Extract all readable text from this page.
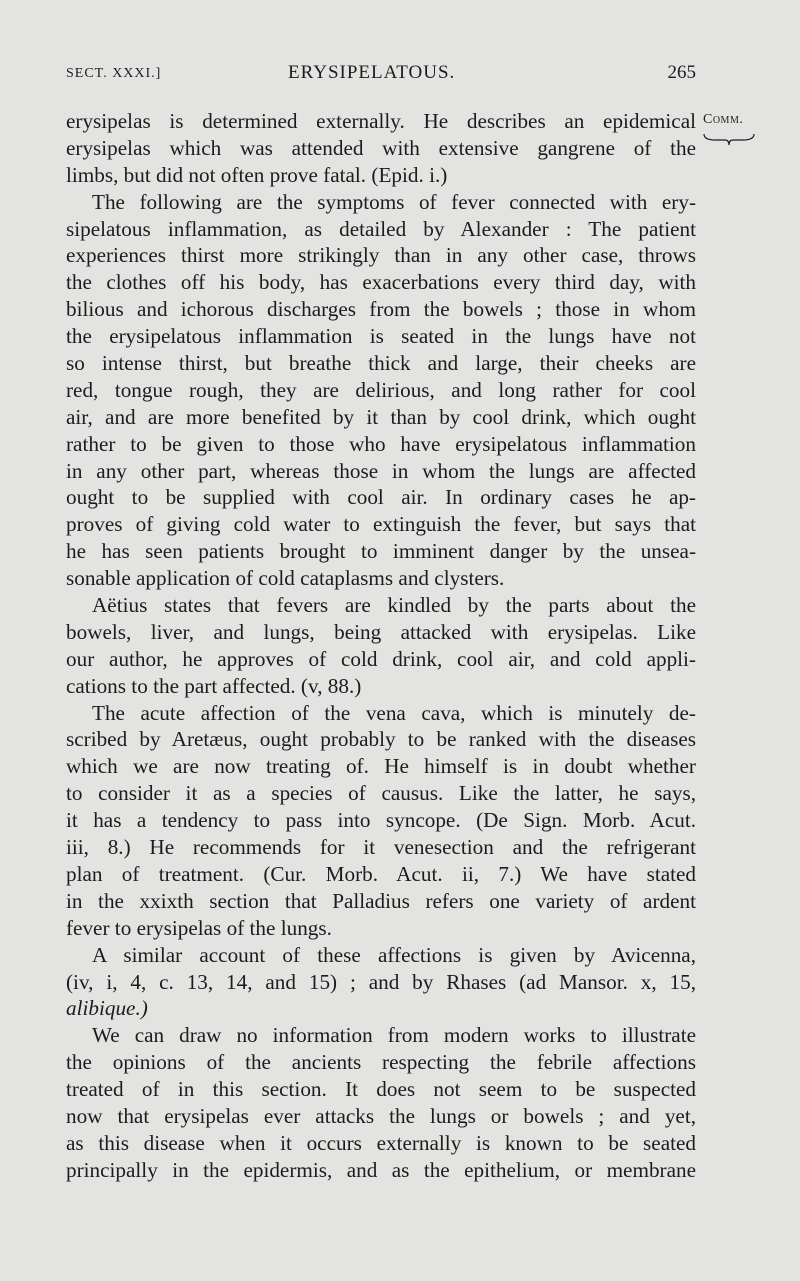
SECT. XXXI.]	ERYSIPELATOUS.	265
Comm.
erysipelas is determined externally. He describes an epidemical
erysipelas which was attended with extensive gangrene of the
limbs, but did not often prove fatal. (Epid. i.)
The following are the symptoms of fever connected with ery-
sipelatous inflammation, as detailed by Alexander : The patient
experiences thirst more strikingly than in any other case, throws
the clothes off his body, has exacerbations every third day, with
bilious and ichorous discharges from the bowels ; those in whom
the erysipelatous inflammation is seated in the lungs have not
so intense thirst, but breathe thick and large, their cheeks are
red, tongue rough, they are delirious, and long rather for cool
air, and are more benefited by it than by cool drink, which ought
rather to be given to those who have erysipelatous inflammation
in any other part, whereas those in whom the lungs are affected
ought to be supplied with cool air. In ordinary cases he ap-
proves of giving cold water to extinguish the fever, but says that
he has seen patients brought to imminent danger by the unsea-
sonable application of cold cataplasms and clysters.
Aëtius states that fevers are kindled by the parts about the
bowels, liver, and lungs, being attacked with erysipelas. Like
our author, he approves of cold drink, cool air, and cold appli-
cations to the part affected. (v, 88.)
The acute affection of the vena cava, which is minutely de-
scribed by Aretæus, ought probably to be ranked with the diseases
which we are now treating of. He himself is in doubt whether
to consider it as a species of causus. Like the latter, he says,
it has a tendency to pass into syncope. (De Sign. Morb. Acut.
iii, 8.) He recommends for it venesection and the refrigerant
plan of treatment. (Cur. Morb. Acut. ii, 7.) We have stated
in the xxixth section that Palladius refers one variety of ardent
fever to erysipelas of the lungs.
A similar account of these affections is given by Avicenna,
(iv, i, 4, c. 13, 14, and 15) ; and by Rhases (ad Mansor. x, 15,
alibique.)
We can draw no information from modern works to illustrate
the opinions of the ancients respecting the febrile affections
treated of in this section. It does not seem to be suspected
now that erysipelas ever attacks the lungs or bowels ; and yet,
as this disease when it occurs externally is known to be seated
principally in the epidermis, and as the epithelium, or membrane
